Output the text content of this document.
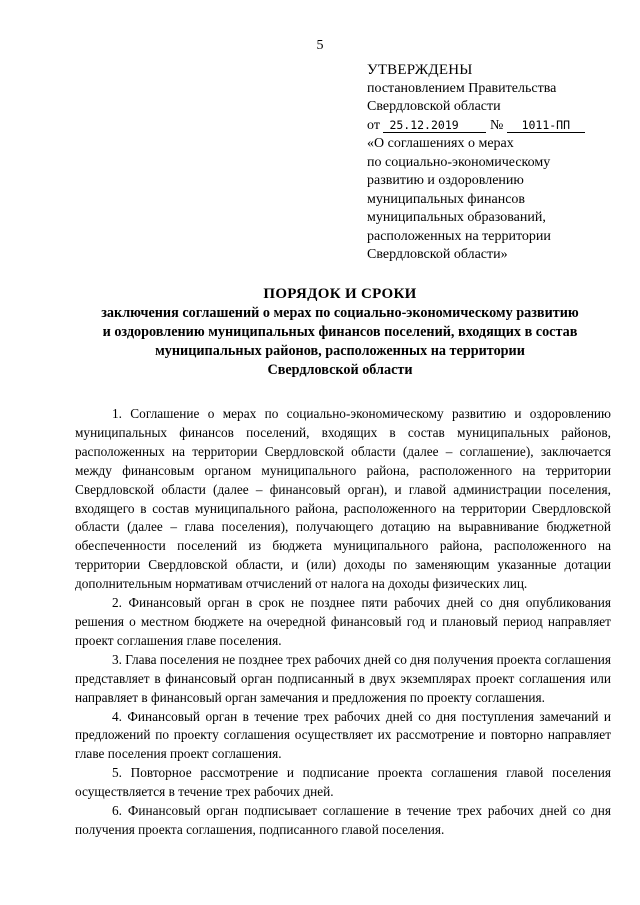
5
УТВЕРЖДЕНЫ
постановлением Правительства
Свердловской области
от 25.12.2019 № 1011-ПП
«О соглашениях о мерах
по социально-экономическому
развитию и оздоровлению
муниципальных финансов
муниципальных образований,
расположенных на территории
Свердловской области»
ПОРЯДОК И СРОКИ
заключения соглашений о мерах по социально-экономическому развитию
и оздоровлению муниципальных финансов поселений, входящих в состав
муниципальных районов, расположенных на территории
Свердловской области

1. Соглашение о мерах по социально-экономическому развитию и оздоровлению муниципальных финансов поселений, входящих в состав муниципальных районов, расположенных на территории Свердловской области (далее – соглашение), заключается между финансовым органом муниципального района, расположенного на территории Свердловской области (далее – финансовый орган), и главой администрации поселения, входящего в состав муниципального района, расположенного на территории Свердловской области (далее – глава поселения), получающего дотацию на выравнивание бюджетной обеспеченности поселений из бюджета муниципального района, расположенного на территории Свердловской области, и (или) доходы по заменяющим указанные дотации дополнительным нормативам отчислений от налога на доходы физических лиц.

2. Финансовый орган в срок не позднее пяти рабочих дней со дня опубликования решения о местном бюджете на очередной финансовый год и плановый период направляет проект соглашения главе поселения.

3. Глава поселения не позднее трех рабочих дней со дня получения проекта соглашения представляет в финансовый орган подписанный в двух экземплярах проект соглашения или направляет в финансовый орган замечания и предложения по проекту соглашения.

4. Финансовый орган в течение трех рабочих дней со дня поступления замечаний и предложений по проекту соглашения осуществляет их рассмотрение и повторно направляет главе поселения проект соглашения.

5. Повторное рассмотрение и подписание проекта соглашения главой поселения осуществляется в течение трех рабочих дней.

6. Финансовый орган подписывает соглашение в течение трех рабочих дней со дня получения проекта соглашения, подписанного главой поселения.
